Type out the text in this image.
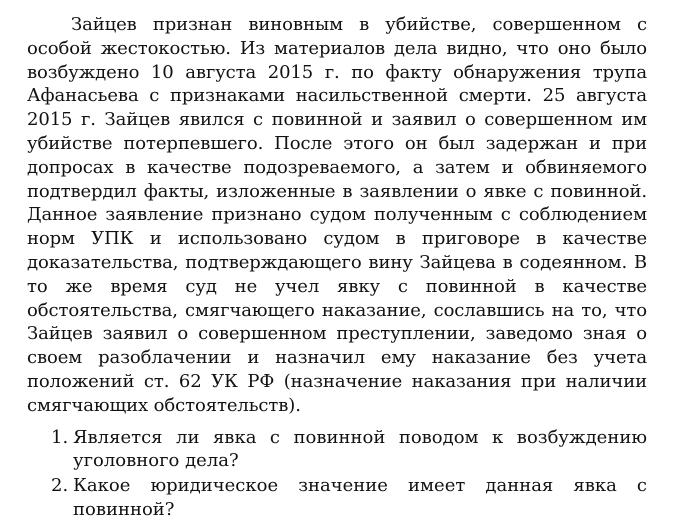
Зайцев признан виновным в убийстве, совершенном с особой жестокостью. Из материалов дела видно, что оно было возбуждено 10 августа 2015 г. по факту обнаружения трупа Афанасьева с признаками насильственной смерти. 25 августа 2015 г. Зайцев явился с повинной и заявил о совершенном им убийстве потерпевшего. После этого он был задержан и при допросах в качестве подозреваемого, а затем и обвиняемого подтвердил факты, изложенные в заявлении о явке с повинной. Данное заявление признано судом полученным с соблюдением норм УПК и использовано судом в приговоре в качестве доказательства, подтверждающего вину Зайцева в содеянном. В то же время суд не учел явку с повинной в качестве обстоятельства, смягчающего наказание, сославшись на то, что Зайцев заявил о совершенном преступлении, заведомо зная о своем разоблачении и назначил ему наказание без учета положений ст. 62 УК РФ (назначение наказания при наличии смягчающих обстоятельств).

1. Является ли явка с повинной поводом к возбуждению уголовного дела?
2. Какое юридическое значение имеет данная явка с повинной?
